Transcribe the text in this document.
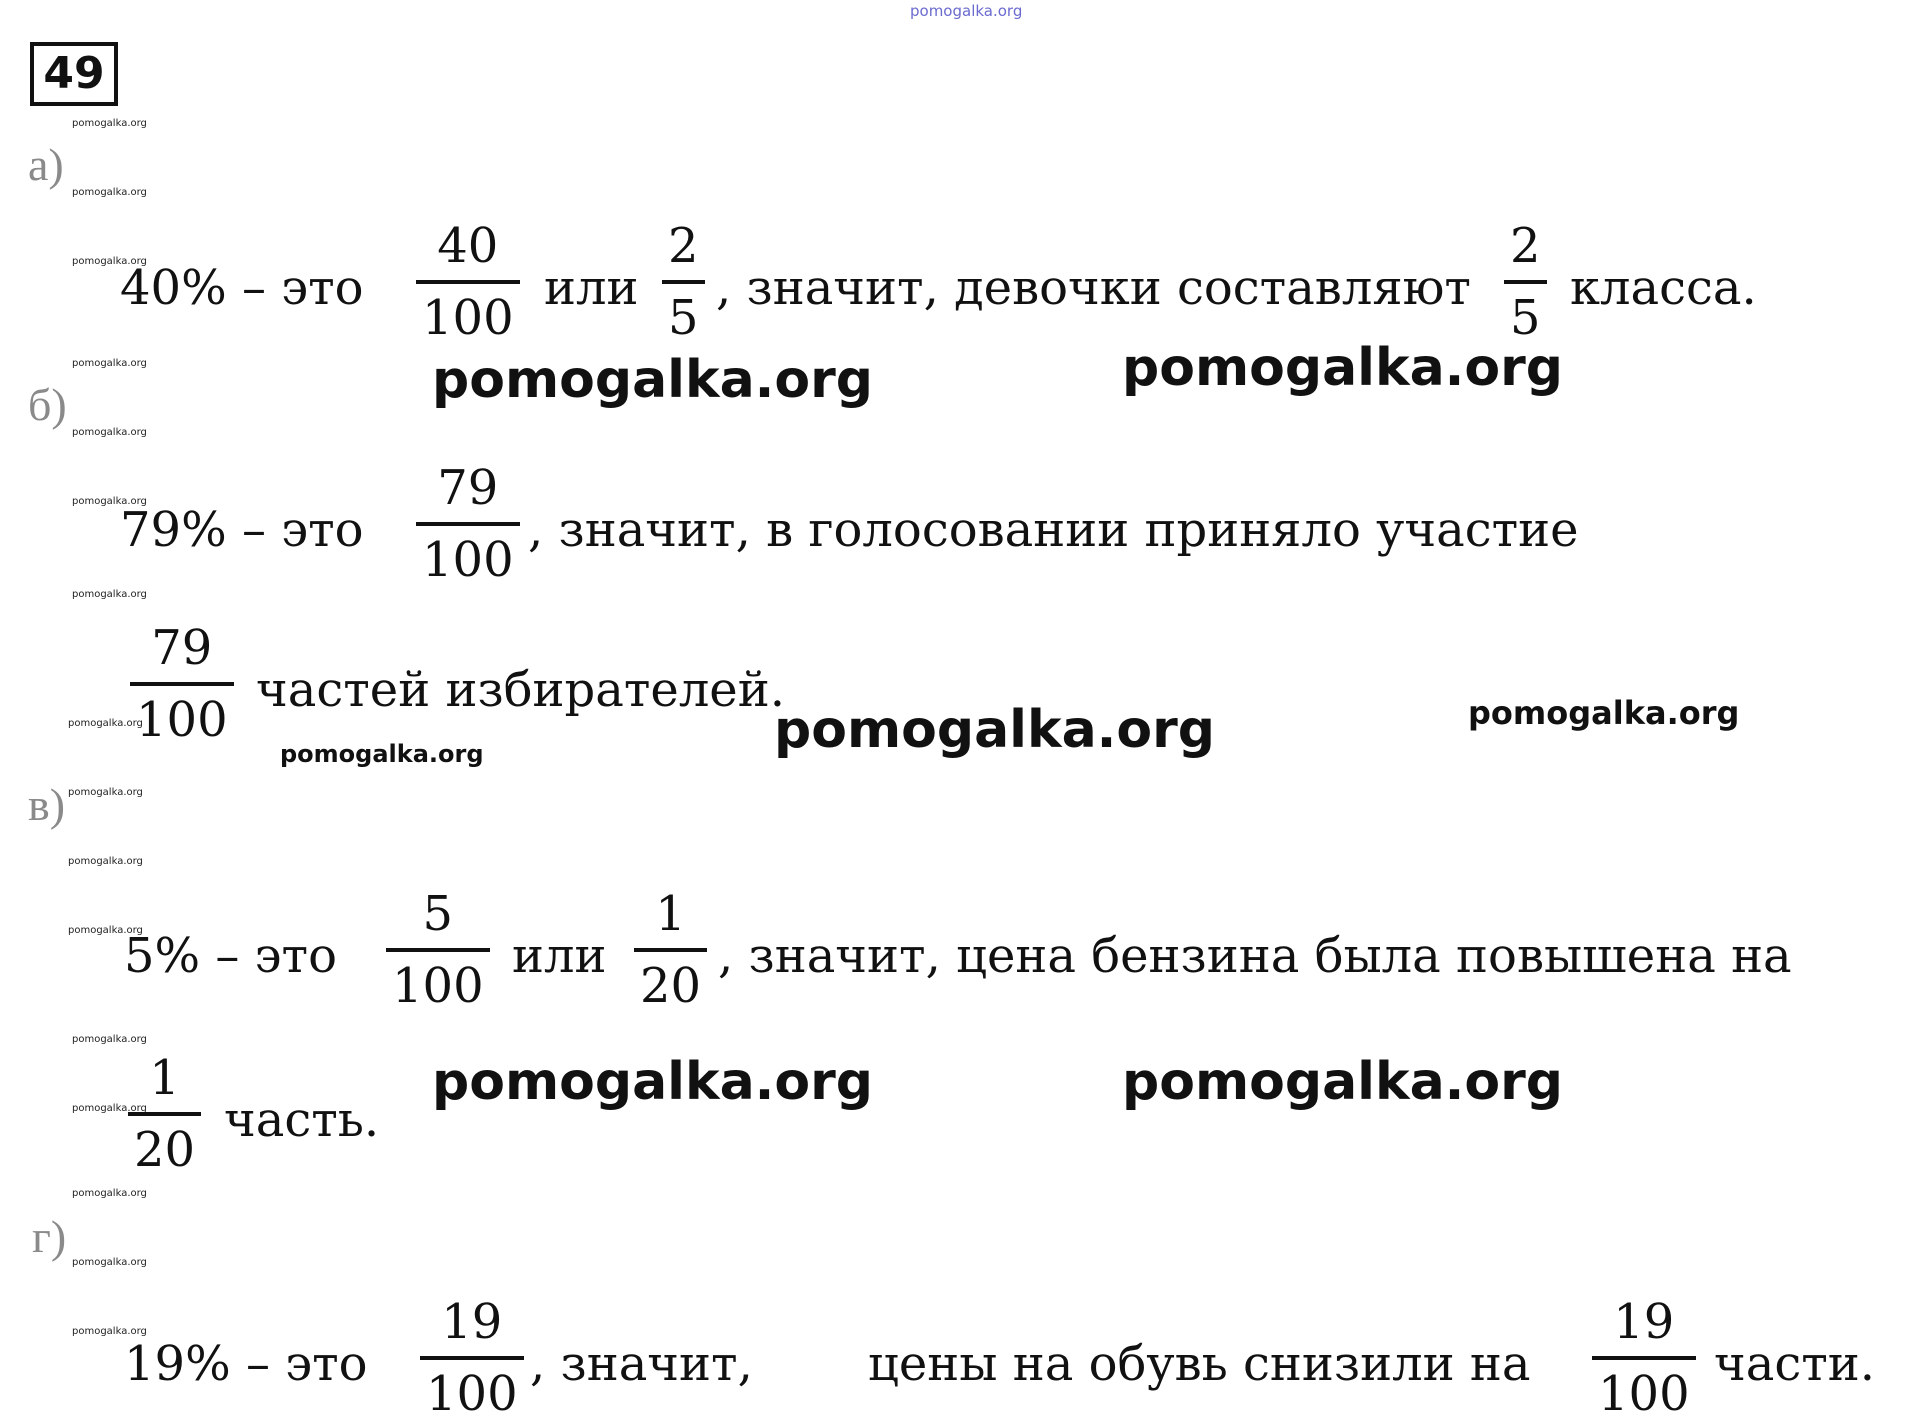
pomogalka.org
49
pomogalka.org
pomogalka.org
pomogalka.org
pomogalka.org
pomogalka.org
pomogalka.org
pomogalka.org
pomogalka.org
pomogalka.org
pomogalka.org
pomogalka.org
pomogalka.org
pomogalka.org
pomogalka.org
pomogalka.org
pomogalka.org
а)
40% – это $\frac{40}{100}$ или $\frac{2}{5}$ , значит, девочки составляют $\frac{2}{5}$ класса.
pomogalka.org	pomogalka.org
б)
79% – это $\frac{79}{100}$ , значит, в голосовании приняло участие
$\frac{79}{100}$ частей избирателей.
pomogalka.org	pomogalka.org	pomogalka.org
в)
5% – это $\frac{5}{100}$ или $\frac{1}{20}$ , значит, цена бензина была повышена на
$\frac{1}{20}$ часть.
pomogalka.org	pomogalka.org
г)
19% – это $\frac{19}{100}$ , значит, цены на обувь снизили на $\frac{19}{100}$ части.
